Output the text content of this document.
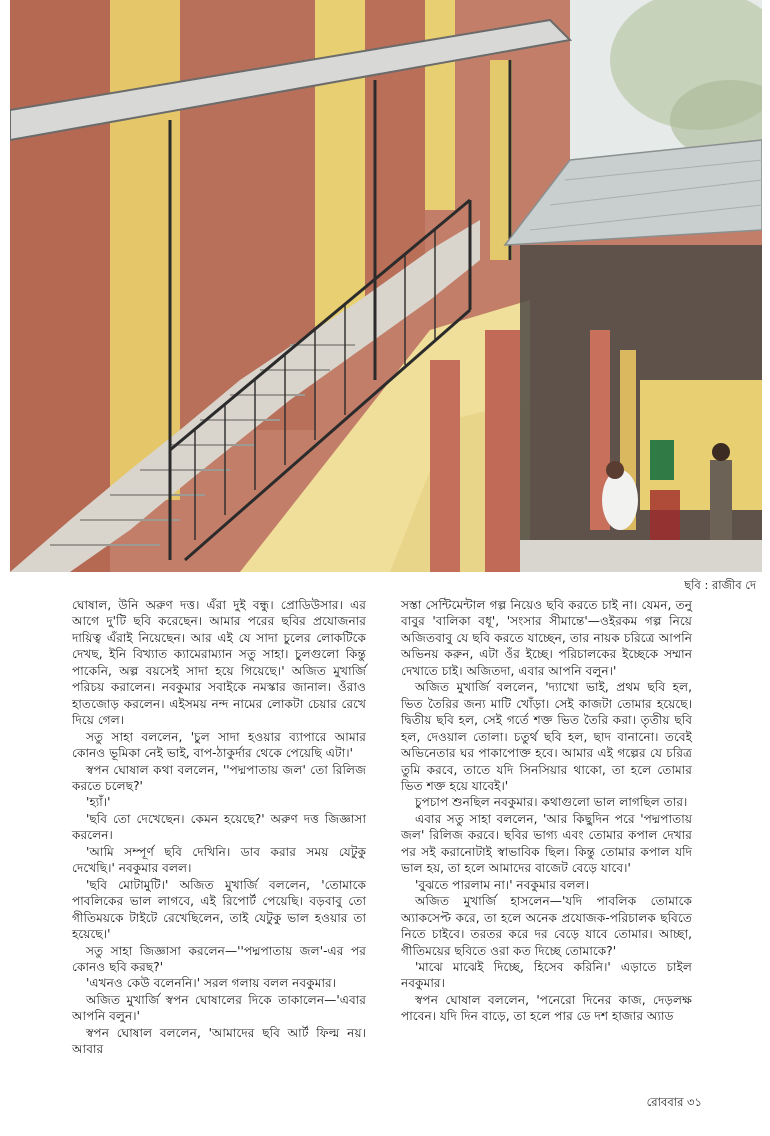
ছবি : রাজীব দে

ঘোষাল, উনি অরুণ দত্ত। এঁরা দুই বন্ধু। প্রোডিউসার। এর আগে দু'টি ছবি করেছেন। আমার পরের ছবির প্রযোজনার দায়িত্ব এঁরাই নিয়েছেন। আর এই যে সাদা চুলের লোকটিকে দেখছ, ইনি বিখ্যাত ক্যামেরাম্যান সতু সাহা। চুলগুলো কিন্তু পাকেনি, অল্প বয়সেই সাদা হয়ে গিয়েছে।' অজিত মুখার্জি পরিচয় করালেন। নবকুমার সবাইকে নমস্কার জানাল। ওঁরাও হাতজোড় করলেন। এইসময় নন্দ নামের লোকটা চেয়ার রেখে দিয়ে গেল।

সতু সাহা বললেন, 'চুল সাদা হওয়ার ব্যাপারে আমার কোনও ভূমিকা নেই ভাই, বাপ-ঠাকুর্দার থেকে পেয়েছি এটা।'

স্বপন ঘোষাল কথা বললেন, ''পদ্মপাতায় জল' তো রিলিজ করতে চলেছ?'

'হ্যাঁ।'

'ছবি তো দেখেছেন। কেমন হয়েছে?' অরুণ দত্ত জিজ্ঞাসা করলেন।

'আমি সম্পূর্ণ ছবি দেখিনি। ডাব করার সময় যেটুকু দেখেছি।' নবকুমার বলল।

'ছবি মোটামুটি।' অজিত মুখার্জি বললেন, 'তোমাকে পাবলিকের ভাল লাগবে, এই রিপোর্ট পেয়েছি। বড়বাবু তো গীতিময়কে টাইটে রেখেছিলেন, তাই যেটুকু ভাল হওয়ার তা হয়েছে।'

সতু সাহা জিজ্ঞাসা করলেন—''পদ্মপাতায় জল'-এর পর কোনও ছবি করছ?'

'এখনও কেউ বলেননি।' সরল গলায় বলল নবকুমার।

অজিত মুখার্জি স্বপন ঘোষালের দিকে তাকালেন—'এবার আপনি বলুন।'

স্বপন ঘোষাল বললেন, 'আমাদের ছবি আর্ট ফিল্ম নয়। আবার

সস্তা সেন্টিমেন্টাল গল্প নিয়েও ছবি করতে চাই না। যেমন, তনু বাবুর 'বালিকা বধূ', 'সংসার সীমান্তে'—ওইরকম গল্প নিয়ে অজিতবাবু যে ছবি করতে যাচ্ছেন, তার নায়ক চরিত্রে আপনি অভিনয় করুন, এটা ওঁর ইচ্ছে। পরিচালকের ইচ্ছেকে সম্মান দেখাতে চাই। অজিতদা, এবার আপনি বলুন।'

অজিত মুখার্জি বললেন, 'দ্যাখো ভাই, প্রথম ছবি হল, ভিত তৈরির জন্য মাটি খোঁড়া। সেই কাজটা তোমার হয়েছে। দ্বিতীয় ছবি হল, সেই গর্তে শক্ত ভিত তৈরি করা। তৃতীয় ছবি হল, দেওয়াল তোলা। চতুর্থ ছবি হল, ছাদ বানানো। তবেই অভিনেতার ঘর পাকাপোক্ত হবে। আমার এই গল্পের যে চরিত্র তুমি করবে, তাতে যদি সিনসিয়ার থাকো, তা হলে তোমার ভিত শক্ত হয়ে যাবেই।'

চুপচাপ শুনছিল নবকুমার। কথাগুলো ভাল লাগছিল তার।

এবার সতু সাহা বললেন, 'আর কিছুদিন পরে 'পদ্মপাতায় জল' রিলিজ করবে। ছবির ভাগ্য এবং তোমার কপাল দেখার পর সই করানোটাই স্বাভাবিক ছিল। কিন্তু তোমার কপাল যদি ভাল হয়, তা হলে আমাদের বাজেট বেড়ে যাবে।'

'বুঝতে পারলাম না।' নবকুমার বলল।

অজিত মুখার্জি হাসলেন—'যদি পাবলিক তোমাকে অ্যাকসেপ্ট করে, তা হলে অনেক প্রযোজক-পরিচালক ছবিতে নিতে চাইবে। তরতর করে দর বেড়ে যাবে তোমার। আচ্ছা, গীতিময়ের ছবিতে ওরা কত দিচ্ছে তোমাকে?'

'মাঝে মাঝেই দিচ্ছে, হিসেব করিনি।' এড়াতে চাইল নবকুমার।

স্বপন ঘোষাল বললেন, 'পনেরো দিনের কাজ, দেড়লক্ষ পাবেন। যদি দিন বাড়ে, তা হলে পার ডে দশ হাজার অ্যাড

রোববার ৩১
